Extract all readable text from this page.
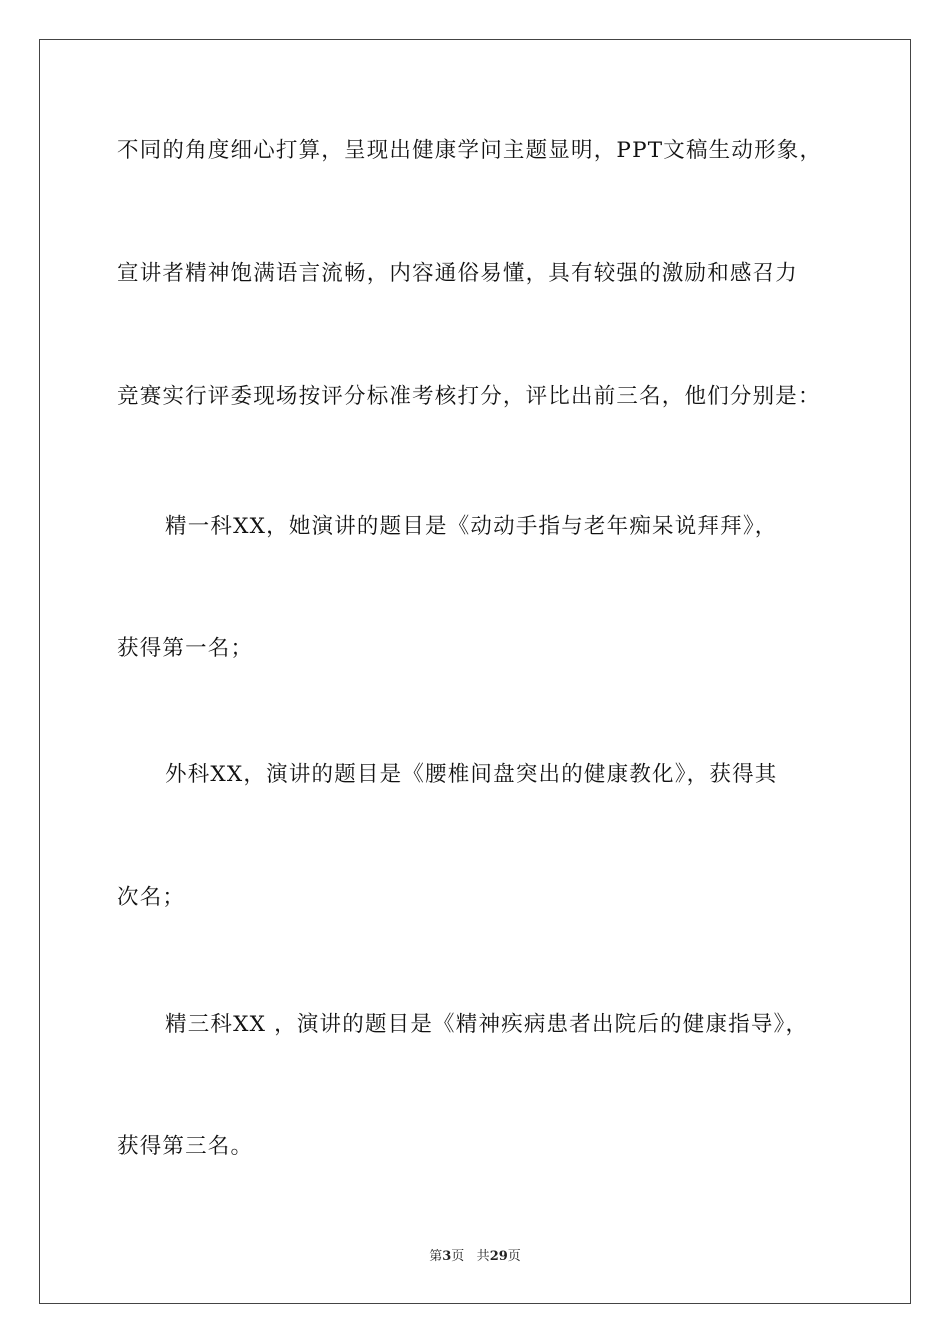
不同的角度细心打算，呈现出健康学问主题显明，PPT文稿生动形象，
宣讲者精神饱满语言流畅，内容通俗易懂，具有较强的激励和感召力
竞赛实行评委现场按评分标准考核打分，评比出前三名，他们分别是：
精一科XX，她演讲的题目是《动动手指与老年痴呆说拜拜》，
获得第一名；
外科XX，演讲的题目是《腰椎间盘突出的健康教化》，获得其
次名；
精三科XX ，演讲的题目是《精神疾病患者出院后的健康指导》，
获得第三名。
第3页 共29页
